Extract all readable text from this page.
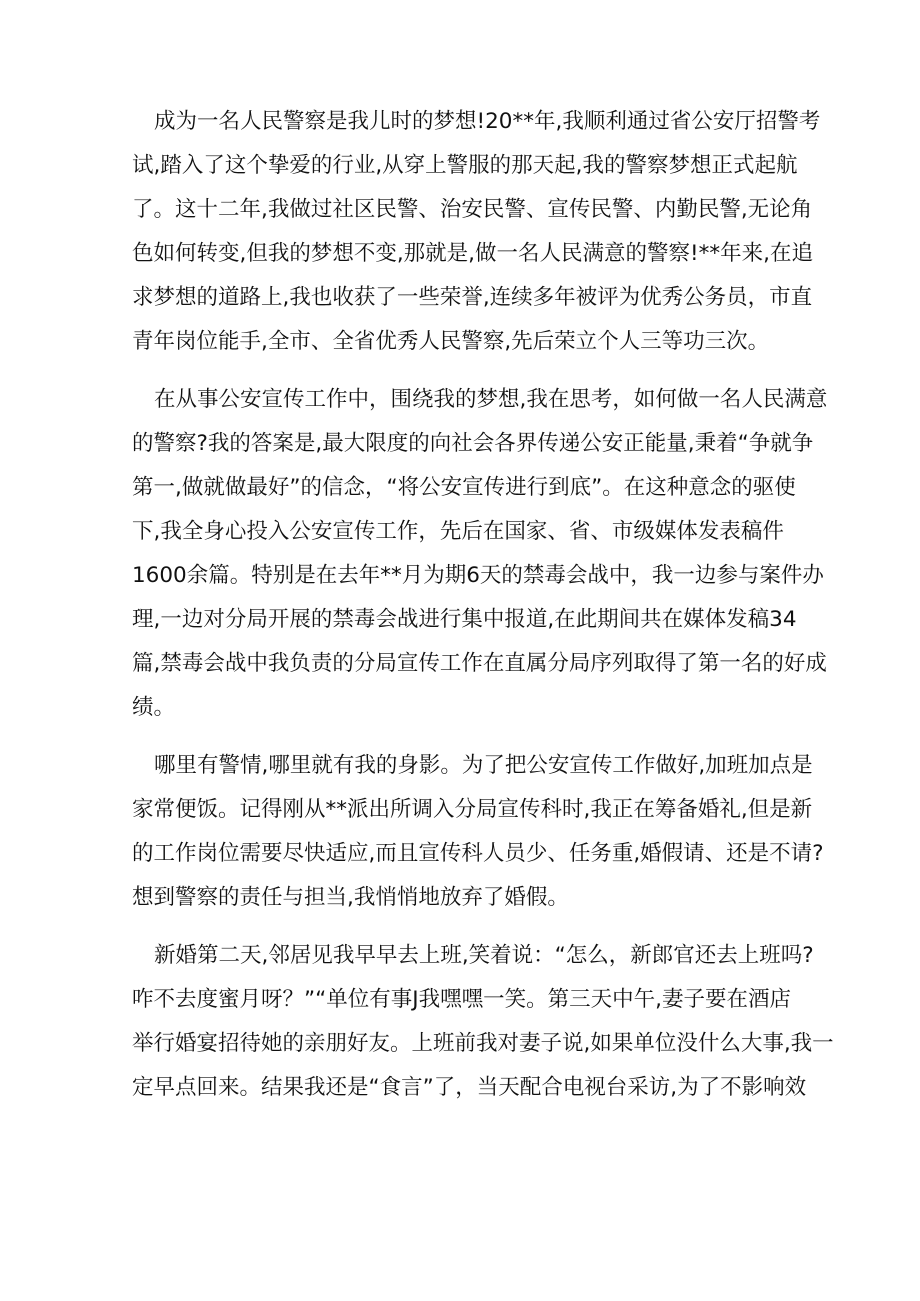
成为一名人民警察是我儿时的梦想!20**年,我顺利通过省公安厅招警考
试,踏入了这个挚爱的行业,从穿上警服的那天起,我的警察梦想正式起航
了。这十二年,我做过社区民警、治安民警、宣传民警、内勤民警,无论角
色如何转变,但我的梦想不变,那就是,做一名人民满意的警察!**年来,在追
求梦想的道路上,我也收获了一些荣誉,连续多年被评为优秀公务员，市直
青年岗位能手,全市、全省优秀人民警察,先后荣立个人三等功三次。
在从事公安宣传工作中，围绕我的梦想,我在思考，如何做一名人民满意
的警察?我的答案是,最大限度的向社会各界传递公安正能量,秉着“争就争
第一,做就做最好”的信念，“将公安宣传进行到底”。在这种意念的驱使
下,我全身心投入公安宣传工作，先后在国家、省、市级媒体发表稿件
1600余篇。特别是在去年**月为期6天的禁毒会战中，我一边参与案件办
理,一边对分局开展的禁毒会战进行集中报道,在此期间共在媒体发稿34
篇,禁毒会战中我负责的分局宣传工作在直属分局序列取得了第一名的好成
绩。
哪里有警情,哪里就有我的身影。为了把公安宣传工作做好,加班加点是
家常便饭。记得刚从**派出所调入分局宣传科时,我正在筹备婚礼,但是新
的工作岗位需要尽快适应,而且宣传科人员少、任务重,婚假请、还是不请?
想到警察的责任与担当,我悄悄地放弃了婚假。
新婚第二天,邻居见我早早去上班,笑着说：“怎么，新郎官还去上班吗?
咋不去度蜜月呀？”“单位有事J我嘿嘿一笑。第三天中午,妻子要在酒店
举行婚宴招待她的亲朋好友。上班前我对妻子说,如果单位没什么大事,我一
定早点回来。结果我还是“食言”了，当天配合电视台采访,为了不影响效
